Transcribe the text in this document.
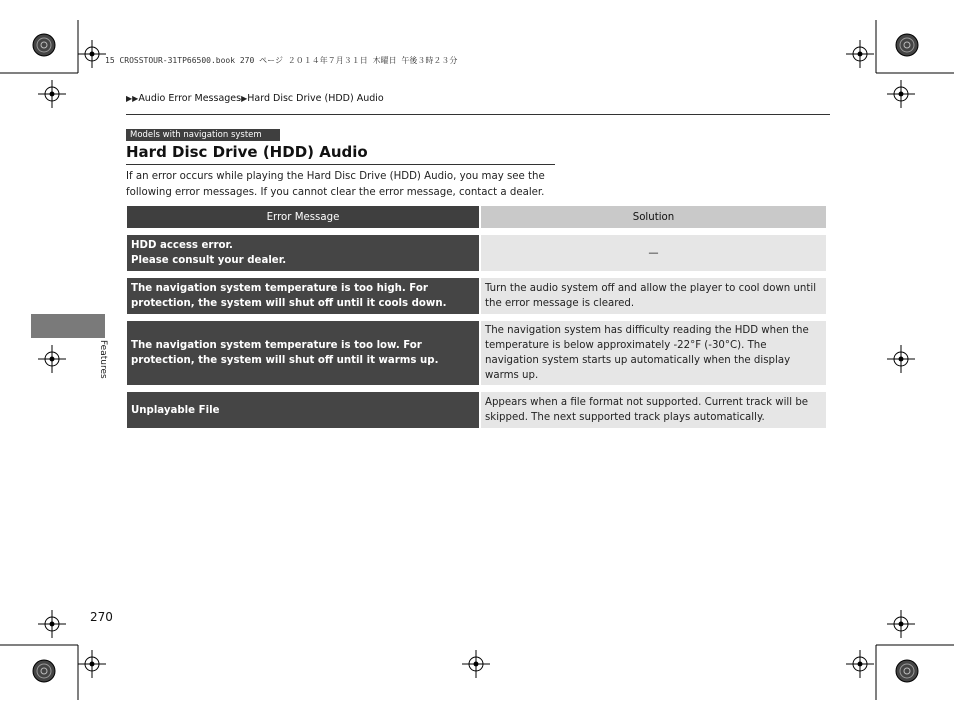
15 CROSSTOUR-31TP66500.book 270 ページ ２０１４年７月３１日 木曜日 午後３時２３分
▶▶Audio Error Messages▶Hard Disc Drive (HDD) Audio
Models with navigation system
Hard Disc Drive (HDD) Audio
If an error occurs while playing the Hard Disc Drive (HDD) Audio, you may see the following error messages. If you cannot clear the error message, contact a dealer.
Error Message	Solution

HDD access error.
Please consult your dealer.	—

The navigation system temperature is too high. For
protection, the system will shut off until it cools down.	Turn the audio system off and allow the player to cool down until the error message is cleared.

The navigation system temperature is too low. For
protection, the system will shut off until it warms up.	The navigation system has difficulty reading the HDD when the temperature is below approximately -22°F (-30°C). The navigation system starts up automatically when the display warms up.

Unplayable File	Appears when a file format not supported. Current track will be skipped. The next supported track plays automatically.
Features
270
